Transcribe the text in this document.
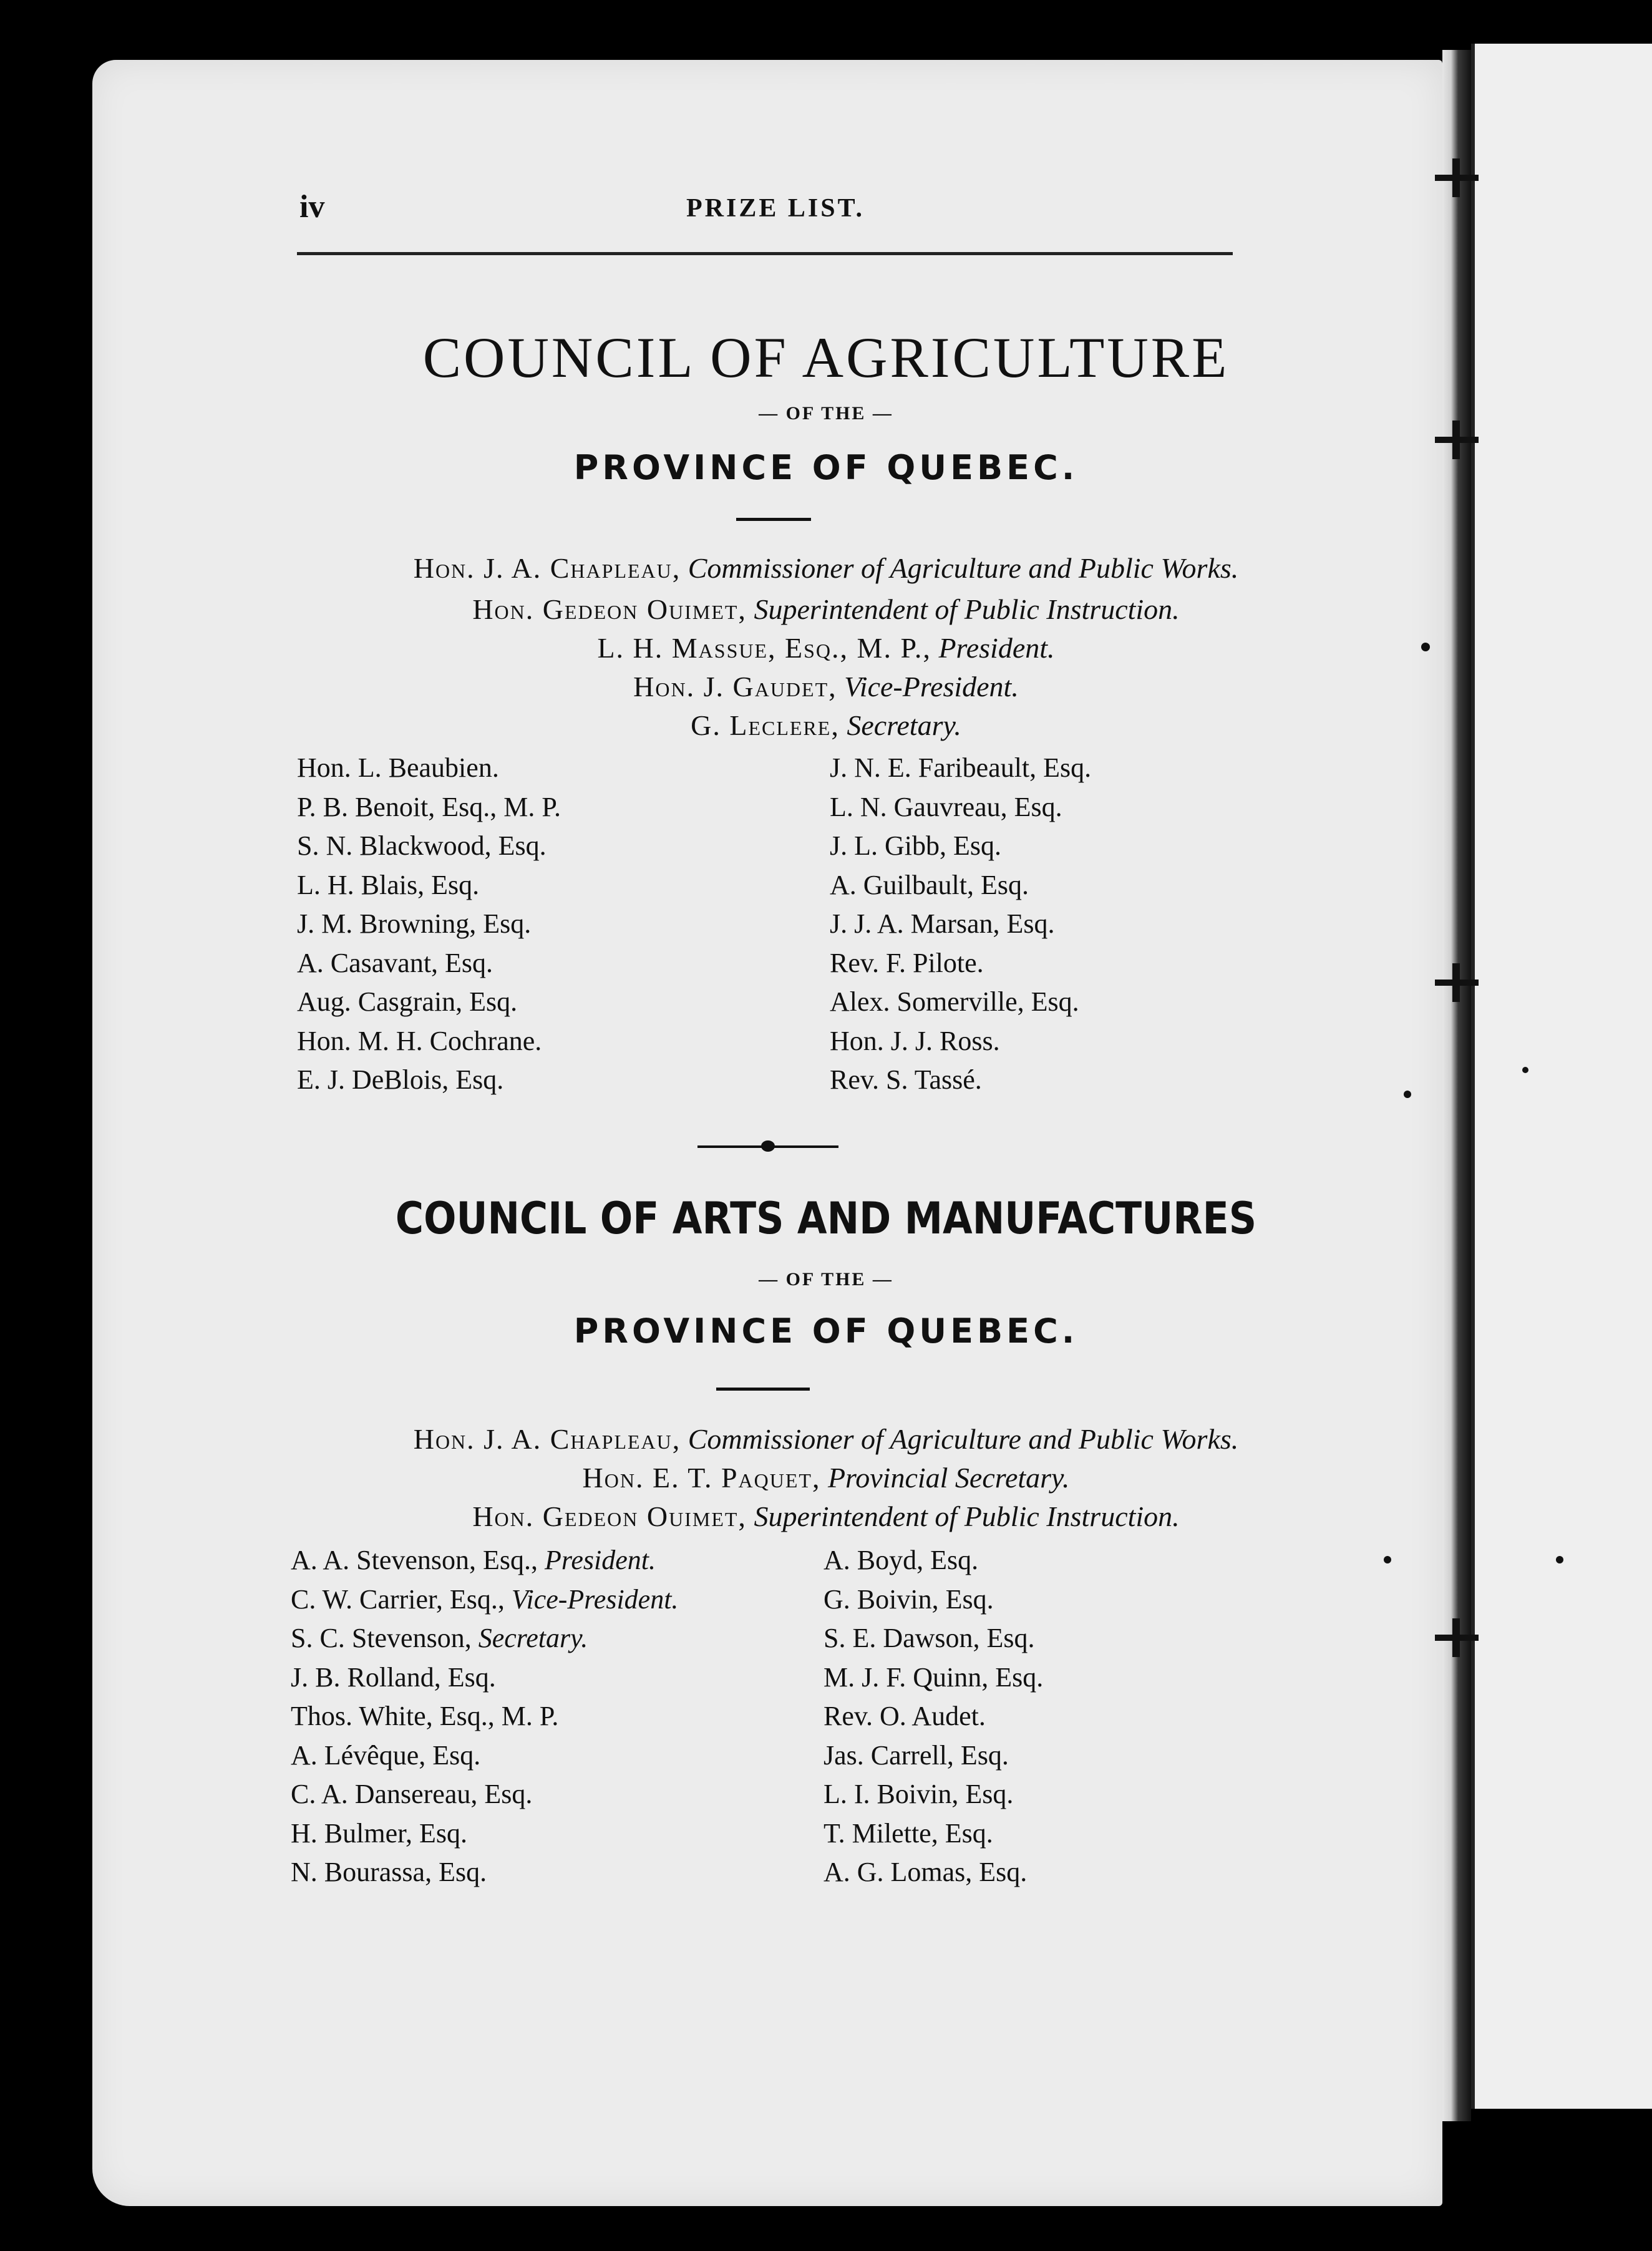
iv	PRIZE LIST.
COUNCIL OF AGRICULTURE
— OF THE —
PROVINCE OF QUEBEC.
Hon. J. A. Chapleau, Commissioner of Agriculture and Public Works.
Hon. Gedeon Ouimet, Superintendent of Public Instruction.
L. H. Massue, Esq., M. P., President.
Hon. J. Gaudet, Vice-President.
G. Leclere, Secretary.
Hon. L. Beaubien.
P. B. Benoit, Esq., M. P.
S. N. Blackwood, Esq.
L. H. Blais, Esq.
J. M. Browning, Esq.
A. Casavant, Esq.
Aug. Casgrain, Esq.
Hon. M. H. Cochrane.
E. J. DeBlois, Esq.
J. N. E. Faribeault, Esq.
L. N. Gauvreau, Esq.
J. L. Gibb, Esq.
A. Guilbault, Esq.
J. J. A. Marsan, Esq.
Rev. F. Pilote.
Alex. Somerville, Esq.
Hon. J. J. Ross.
Rev. S. Tassé.
COUNCIL OF ARTS AND MANUFACTURES
— OF THE —
PROVINCE OF QUEBEC.
Hon. J. A. Chapleau, Commissioner of Agriculture and Public Works.
Hon. E. T. Paquet, Provincial Secretary.
Hon. Gedeon Ouimet, Superintendent of Public Instruction.
A. A. Stevenson, Esq., President.
C. W. Carrier, Esq., Vice-President.
S. C. Stevenson, Secretary.
J. B. Rolland, Esq.
Thos. White, Esq., M. P.
A. Lévêque, Esq.
C. A. Dansereau, Esq.
H. Bulmer, Esq.
N. Bourassa, Esq.
A. Boyd, Esq.
G. Boivin, Esq.
S. E. Dawson, Esq.
M. J. F. Quinn, Esq.
Rev. O. Audet.
Jas. Carrell, Esq.
L. I. Boivin, Esq.
T. Milette, Esq.
A. G. Lomas, Esq.
